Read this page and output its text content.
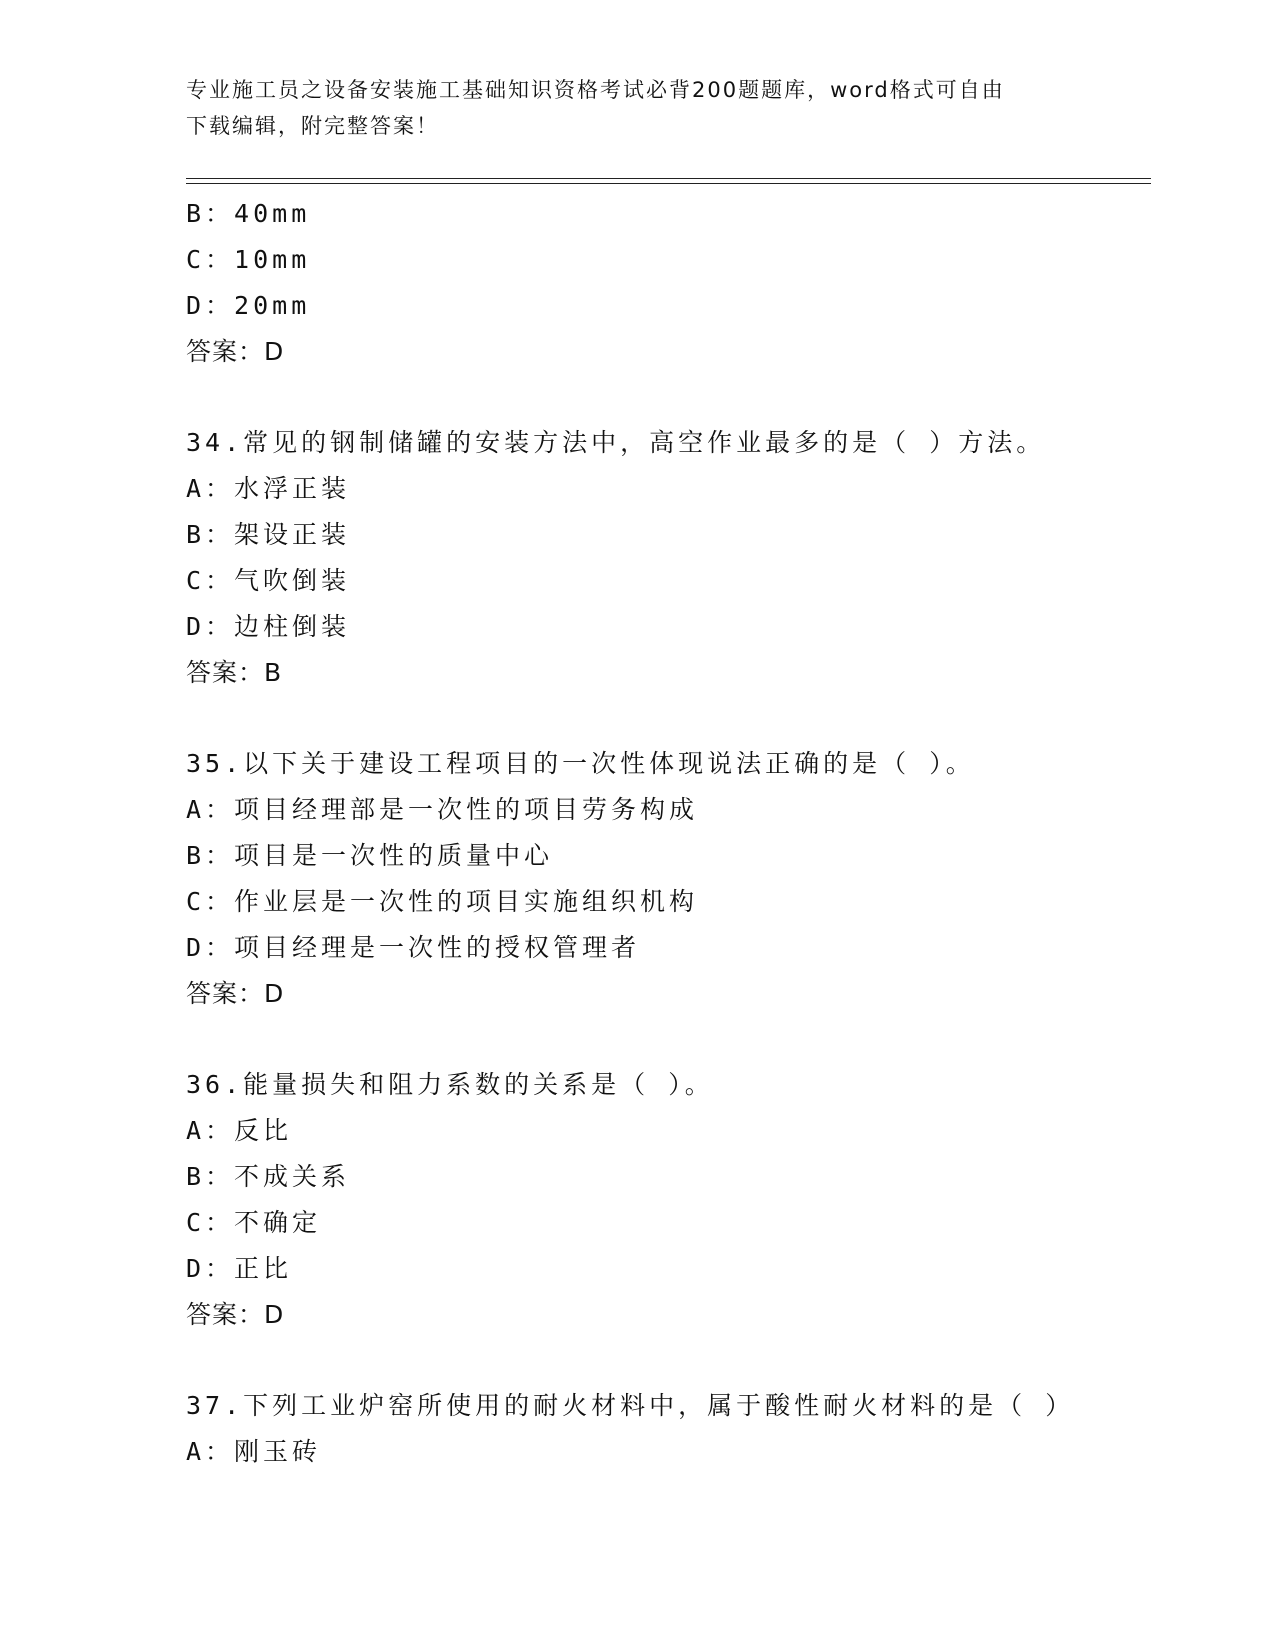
专业施工员之设备安装施工基础知识资格考试必背200题题库，word格式可自由
下载编辑，附完整答案！
B：40mm
C：10mm
D：20mm
答案：D
34.常见的钢制储罐的安装方法中，高空作业最多的是（ ）方法。
A：水浮正装
B：架设正装
C：气吹倒装
D：边柱倒装
答案：B
35.以下关于建设工程项目的一次性体现说法正确的是（ ）。
A：项目经理部是一次性的项目劳务构成
B：项目是一次性的质量中心
C：作业层是一次性的项目实施组织机构
D：项目经理是一次性的授权管理者
答案：D
36.能量损失和阻力系数的关系是（ ）。
A：反比
B：不成关系
C：不确定
D：正比
答案：D
37.下列工业炉窑所使用的耐火材料中，属于酸性耐火材料的是（ ）
A：刚玉砖
